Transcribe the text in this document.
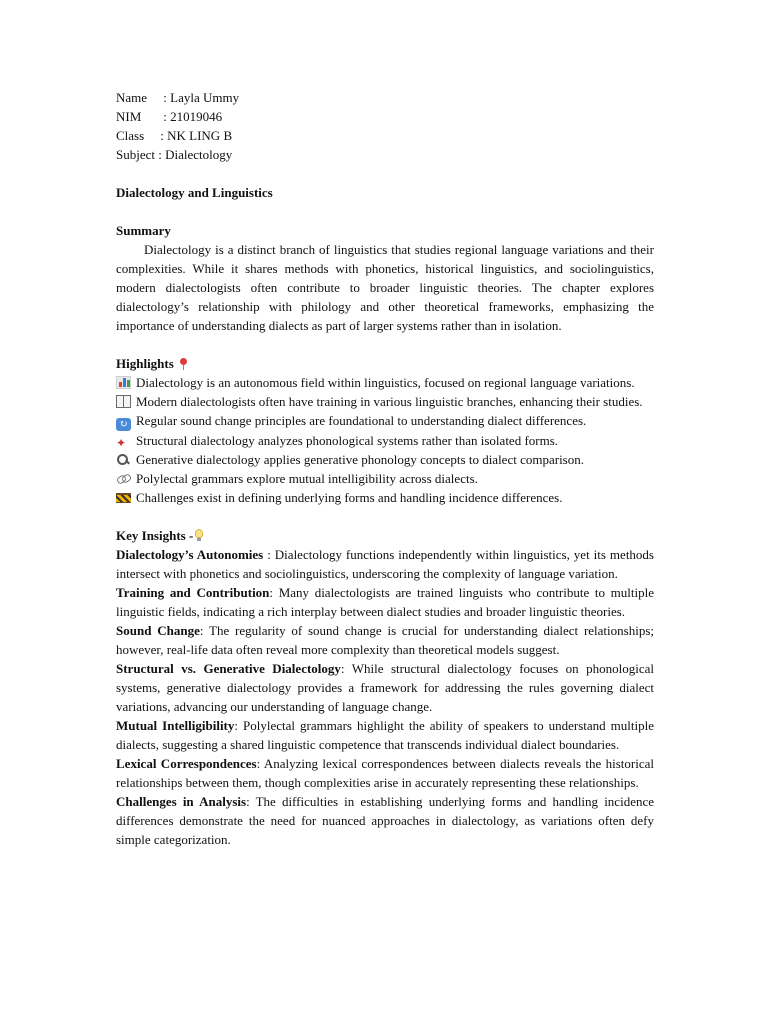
Name : Layla Ummy
NIM	: 21019046
Class : NK LING B
Subject : Dialectology
Dialectology and Linguistics
Summary
Dialectology is a distinct branch of linguistics that studies regional language variations and their complexities. While it shares methods with phonetics, historical linguistics, and sociolinguistics, modern dialectologists often contribute to broader linguistic theories. The chapter explores dialectology’s relationship with philology and other theoretical frameworks, emphasizing the importance of understanding dialects as part of larger systems rather than in isolation.
Highlights
Dialectology is an autonomous field within linguistics, focused on regional language variations.
Modern dialectologists often have training in various linguistic branches, enhancing their studies.
↻ Regular sound change principles are foundational to understanding dialect differences.
✦ Structural dialectology analyzes phonological systems rather than isolated forms.
Generative dialectology applies generative phonology concepts to dialect comparison.
Polylectal grammars explore mutual intelligibility across dialects.
Challenges exist in defining underlying forms and handling incidence differences.
Key Insights -
Dialectology’s Autonomies : Dialectology functions independently within linguistics, yet its methods intersect with phonetics and sociolinguistics, underscoring the complexity of language variation.
Training and Contribution: Many dialectologists are trained linguists who contribute to multiple linguistic fields, indicating a rich interplay between dialect studies and broader linguistic theories.
Sound Change: The regularity of sound change is crucial for understanding dialect relationships; however, real-life data often reveal more complexity than theoretical models suggest.
Structural vs. Generative Dialectology: While structural dialectology focuses on phonological systems, generative dialectology provides a framework for addressing the rules governing dialect variations, advancing our understanding of language change.
Mutual Intelligibility: Polylectal grammars highlight the ability of speakers to understand multiple dialects, suggesting a shared linguistic competence that transcends individual dialect boundaries.
Lexical Correspondences: Analyzing lexical correspondences between dialects reveals the historical relationships between them, though complexities arise in accurately representing these relationships.
Challenges in Analysis: The difficulties in establishing underlying forms and handling incidence differences demonstrate the need for nuanced approaches in dialectology, as variations often defy simple categorization.
